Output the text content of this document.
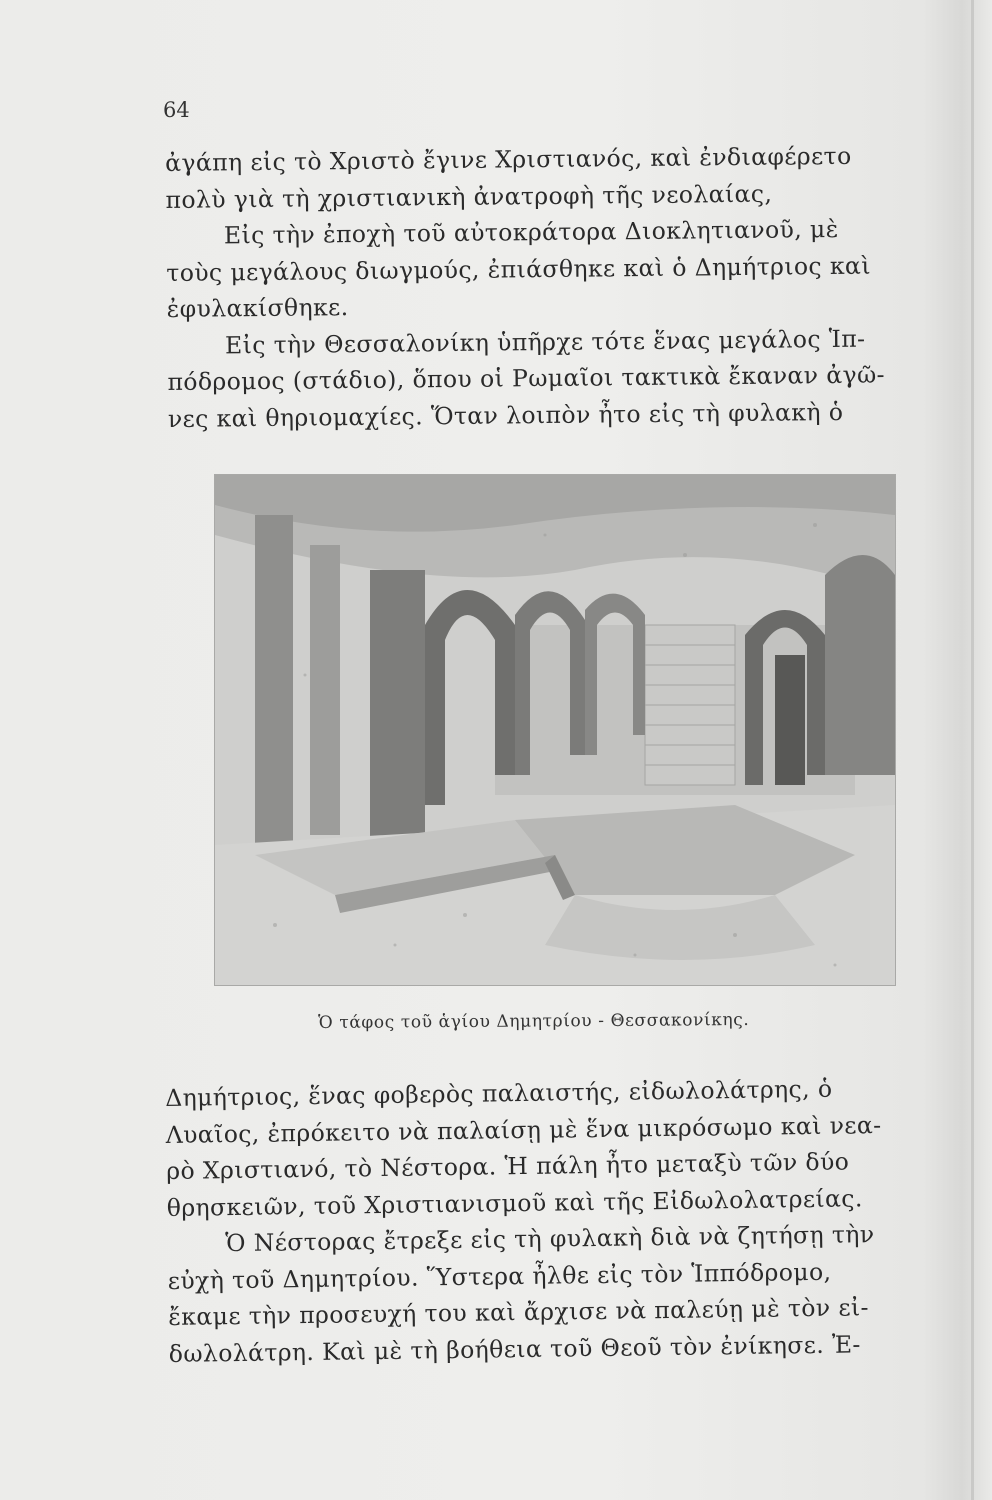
64
ἀγάπη εἰς τὸ Χριστὸ ἔγινε Χριστιανός, καὶ ἐνδιαφέρετο
πολὺ γιὰ τὴ χριστιανικὴ ἀνατροφὴ τῆς νεολαίας,
Εἰς τὴν ἐποχὴ τοῦ αὐτοκράτορα Διοκλητιανοῦ, μὲ
τοὺς μεγάλους διωγμούς, ἐπιάσθηκε καὶ ὁ Δημήτριος καὶ
ἐφυλακίσθηκε.
Εἰς τὴν Θεσσαλονίκη ὑπῆρχε τότε ἕνας μεγάλος Ἱπ-
πόδρομος (στάδιο), ὅπου οἱ Ρωμαῖοι τακτικὰ ἔκαναν ἀγῶ-
νες καὶ θηριομαχίες. Ὅταν λοιπὸν ἦτο εἰς τὴ φυλακὴ ὁ
Ὁ τάφος τοῦ ἁγίου Δημητρίου - Θεσσακονίκης.
Δημήτριος, ἕνας φοβερὸς παλαιστής, εἰδωλολάτρης, ὁ
Λυαῖος, ἐπρόκειτο νὰ παλαίσῃ μὲ ἕνα μικρόσωμο καὶ νεα-
ρὸ Χριστιανό, τὸ Νέστορα. Ἡ πάλη ἦτο μεταξὺ τῶν δύο
θρησκειῶν, τοῦ Χριστιανισμοῦ καὶ τῆς Εἰδωλολατρείας.
Ὁ Νέστορας ἔτρεξε εἰς τὴ φυλακὴ διὰ νὰ ζητήσῃ τὴν
εὐχὴ τοῦ Δημητρίου. Ὕστερα ἦλθε εἰς τὸν Ἱππόδρομο,
ἔκαμε τὴν προσευχή του καὶ ἄρχισε νὰ παλεύῃ μὲ τὸν εἰ-
δωλολάτρη. Καὶ μὲ τὴ βοήθεια τοῦ Θεοῦ τὸν ἐνίκησε. Ἐ-
